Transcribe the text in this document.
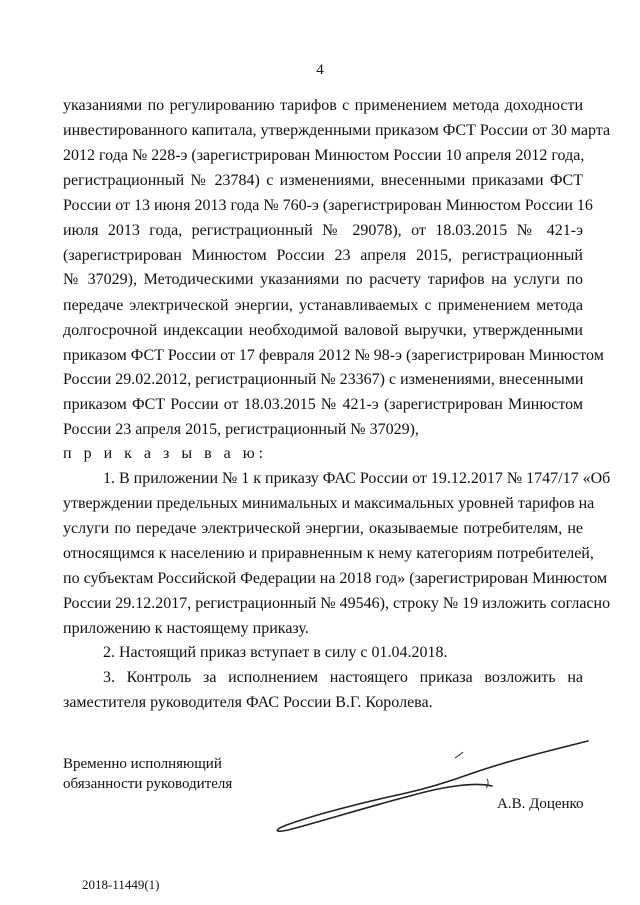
4
указаниями по регулированию тарифов с применением метода доходности
инвестированного капитала, утвержденными приказом ФСТ России от 30 марта
2012 года № 228-э (зарегистрирован Минюстом России 10 апреля 2012 года,
регистрационный № 23784) с изменениями, внесенными приказами ФСТ
России от 13 июня 2013 года № 760-э (зарегистрирован Минюстом России 16
июля 2013 года, регистрационный № 29078), от 18.03.2015 № 421-э
(зарегистрирован Минюстом России 23 апреля 2015, регистрационный
№ 37029), Методическими указаниями по расчету тарифов на услуги по
передаче электрической энергии, устанавливаемых с применением метода
долгосрочной индексации необходимой валовой выручки, утвержденными
приказом ФСТ России от 17 февраля 2012 № 98-э (зарегистрирован Минюстом
России 29.02.2012, регистрационный № 23367) с изменениями, внесенными
приказом ФСТ России от 18.03.2015 № 421-э (зарегистрирован Минюстом
России 23 апреля 2015, регистрационный № 37029),
п р и к а з ы в а ю:
1. В приложении № 1 к приказу ФАС России от 19.12.2017 № 1747/17 «Об
утверждении предельных минимальных и максимальных уровней тарифов на
услуги по передаче электрической энергии, оказываемые потребителям, не
относящимся к населению и приравненным к нему категориям потребителей,
по субъектам Российской Федерации на 2018 год» (зарегистрирован Минюстом
России 29.12.2017, регистрационный № 49546), строку № 19 изложить согласно
приложению к настоящему приказу.
2. Настоящий приказ вступает в силу с 01.04.2018.
3. Контроль за исполнением настоящего приказа возложить на
заместителя руководителя ФАС России В.Г. Королева.
Временно исполняющий
обязанности руководителя
А.В. Доценко
2018-11449(1)
